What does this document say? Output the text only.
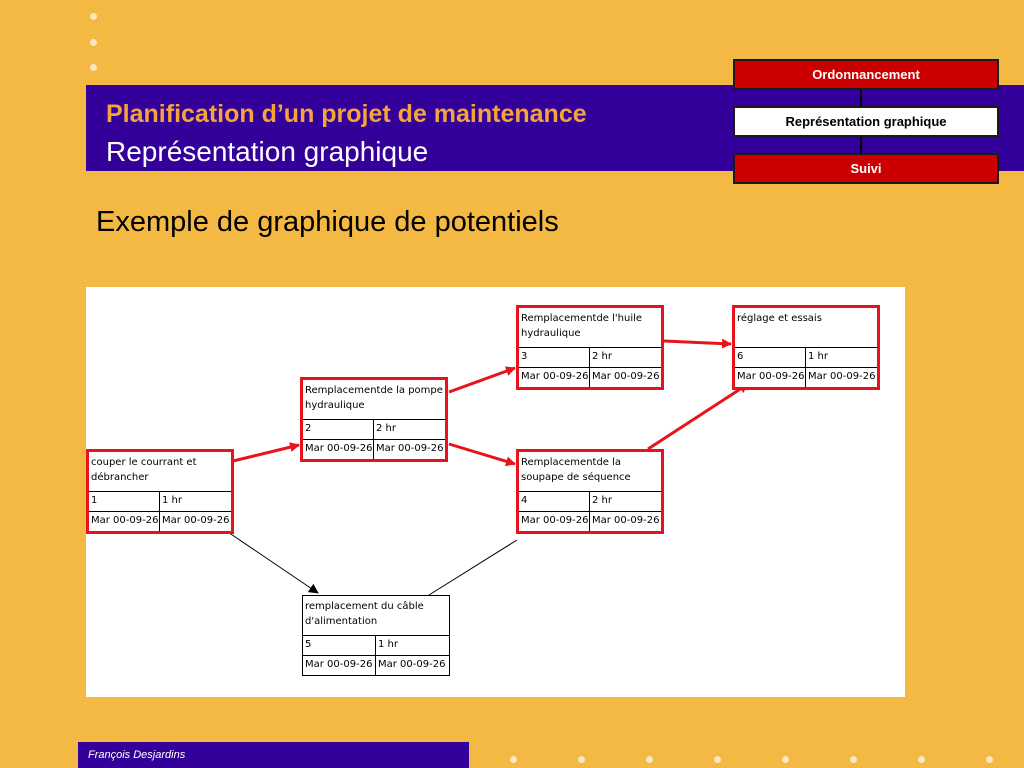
Planification d’un projet de maintenance
Représentation graphique
Ordonnancement
Représentation graphique
Suivi
Exemple de graphique de potentiels
couper le courrant et débrancher
1	1 hr
Mar 00-09-26 Mar 00-09-26
Remplacementde la pompe hydraulique
2	2 hr
Mar 00-09-26 Mar 00-09-26
Remplacementde l'huile hydraulique
3	2 hr
Mar 00-09-26 Mar 00-09-26
Remplacementde la soupape de séquence
4	2 hr
Mar 00-09-26 Mar 00-09-26
remplacement du câble d'alimentation
5	1 hr
Mar 00-09-26 Mar 00-09-26
réglage et essais
6	1 hr
Mar 00-09-26 Mar 00-09-26
François Desjardins
